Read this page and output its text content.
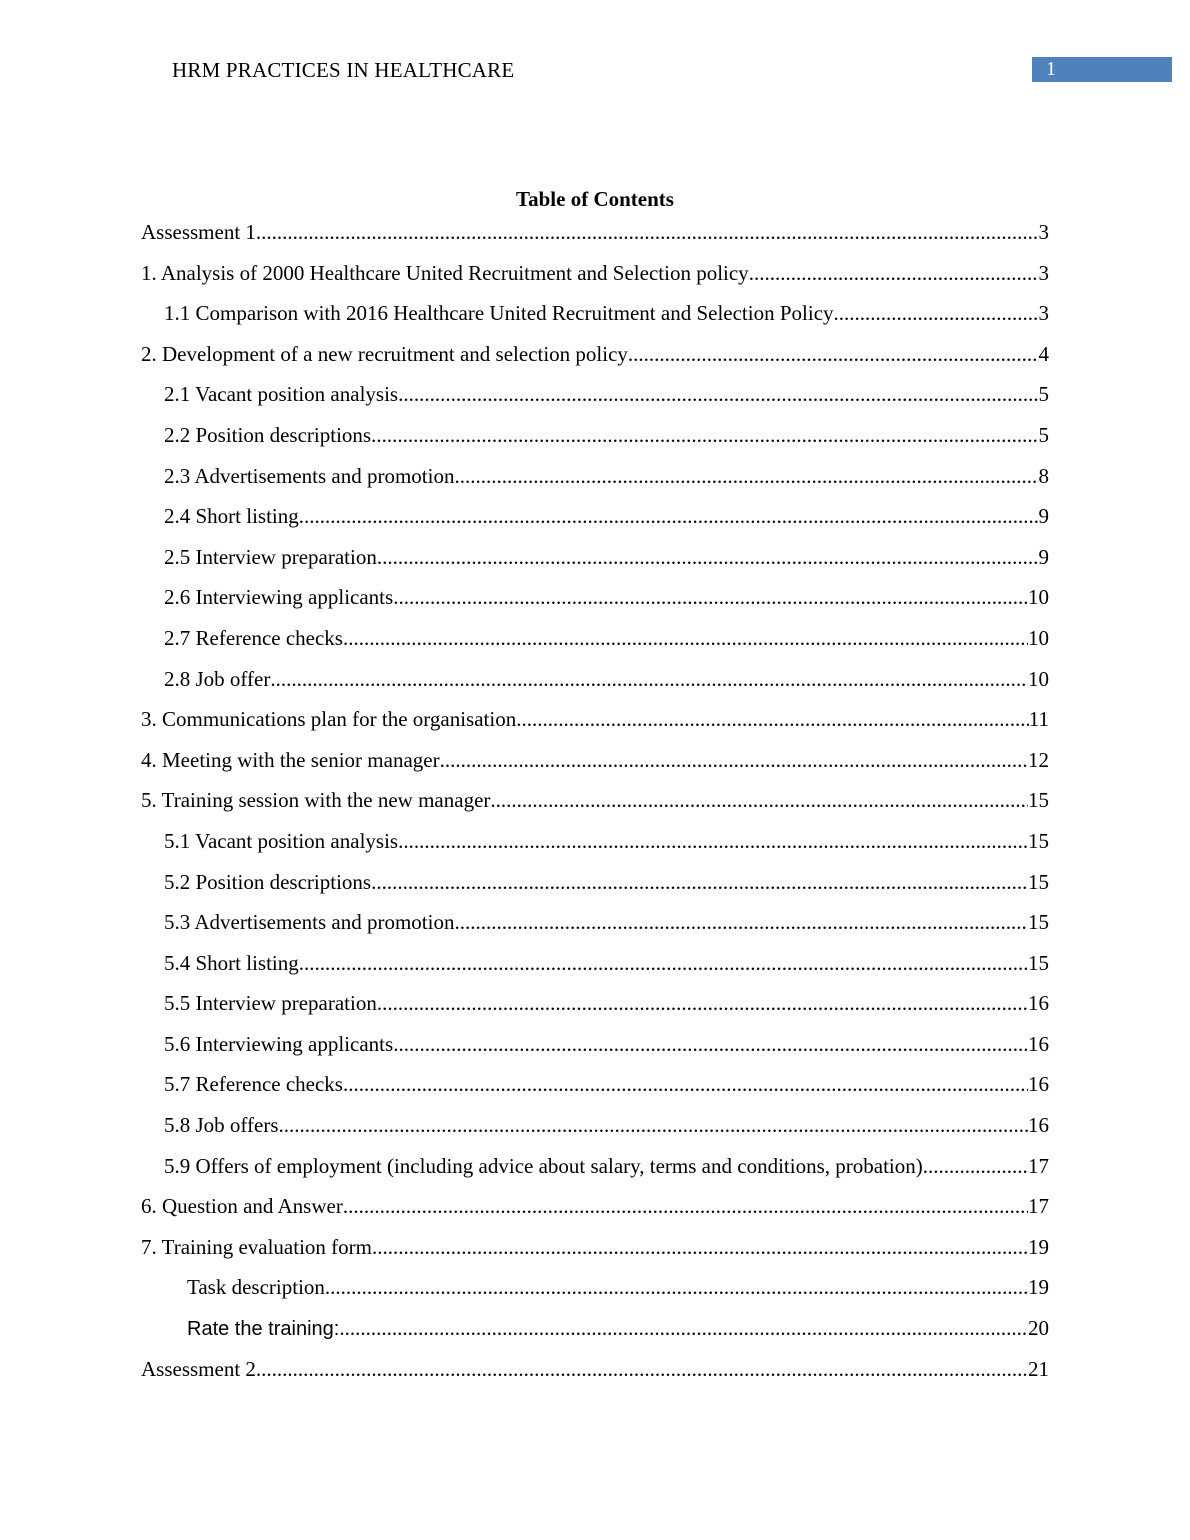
HRM PRACTICES IN HEALTHCARE	1
Table of Contents
Assessment 1 .....	3
1. Analysis of 2000 Healthcare United Recruitment and Selection policy .....	3
1.1 Comparison with 2016 Healthcare United Recruitment and Selection Policy .....	3
2. Development of a new recruitment and selection policy .....	4
2.1 Vacant position analysis .....	5
2.2 Position descriptions .....	5
2.3 Advertisements and promotion .....	8
2.4 Short listing .....	9
2.5 Interview preparation .....	9
2.6 Interviewing applicants .....	10
2.7 Reference checks .....	10
2.8 Job offer .....	10
3. Communications plan for the organisation .....	11
4. Meeting with the senior manager .....	12
5. Training session with the new manager .....	15
5.1 Vacant position analysis .....	15
5.2 Position descriptions .....	15
5.3 Advertisements and promotion .....	15
5.4 Short listing .....	15
5.5 Interview preparation .....	16
5.6 Interviewing applicants .....	16
5.7 Reference checks .....	16
5.8 Job offers .....	16
5.9 Offers of employment (including advice about salary, terms and conditions, probation). .....	17
6. Question and Answer .....	17
7. Training evaluation form .....	19
Task description .....	19
Rate the training: .....	20
Assessment 2 .....	21
